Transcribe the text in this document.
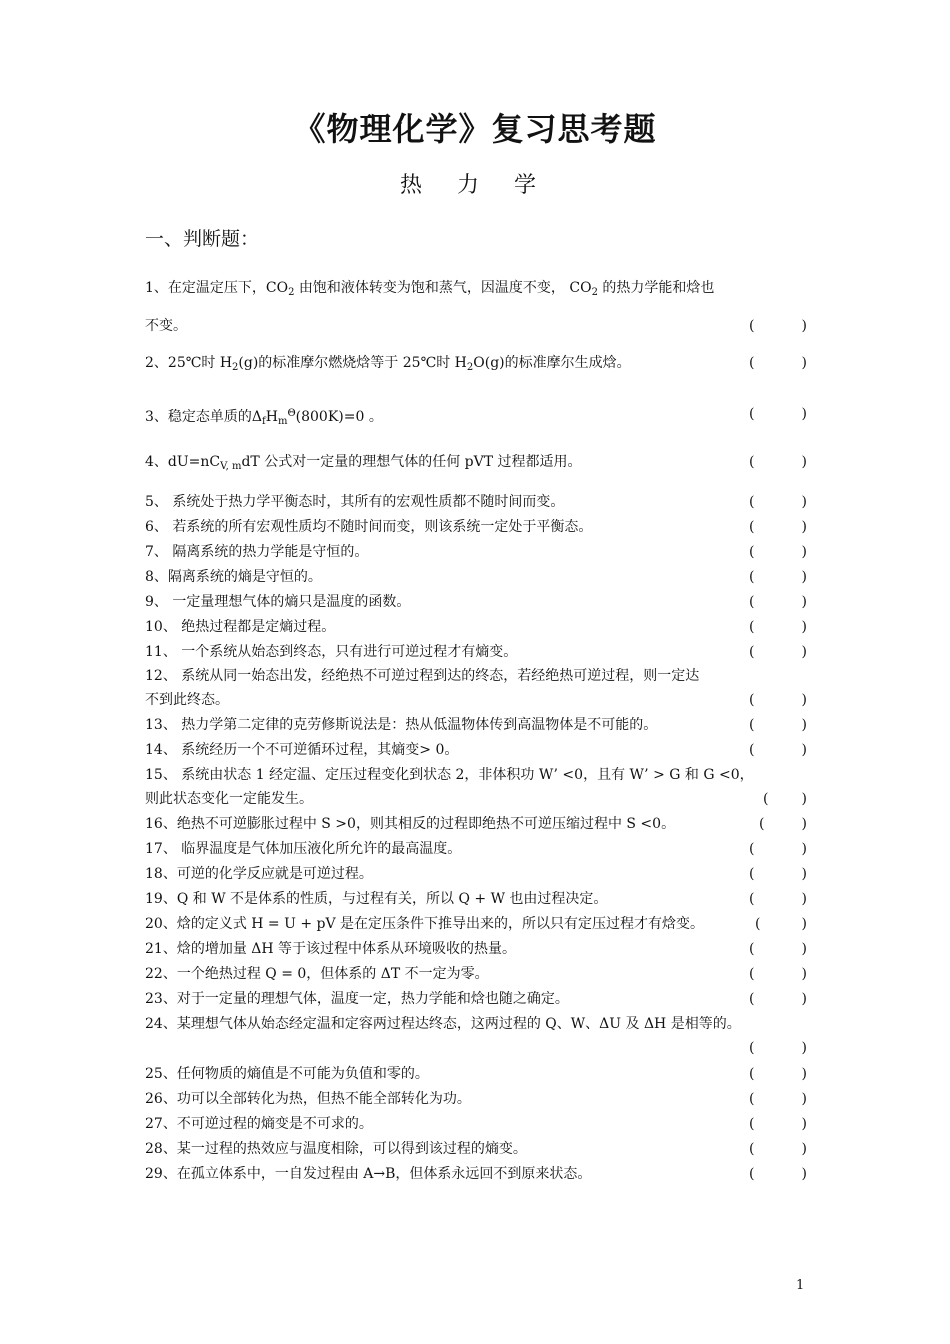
《物理化学》复习思考题
热 力 学
一、判断题：
1、在定温定压下，$CO_2$ 由饱和液体转变为饱和蒸气，因温度不变， $CO_2$ 的热力学能和焓也
不变。	(	)
2、25℃时 $H_2(g)$的标准摩尔燃烧焓等于 25℃时 $H_2O(g)$的标准摩尔生成焓。	(	)
3、稳定态单质的$\Delta_fH_m^\Theta(800K)=0$ 。	(	)
4、$dU=nC_{V, m}dT$ 公式对一定量的理想气体的任何 pVT 过程都适用。	(	)
5、 系统处于热力学平衡态时，其所有的宏观性质都不随时间而变。	(	)
6、 若系统的所有宏观性质均不随时间而变，则该系统一定处于平衡态。	(	)
7、 隔离系统的热力学能是守恒的。	(	)
8、隔离系统的熵是守恒的。	(	)
9、 一定量理想气体的熵只是温度的函数。	(	)
10、 绝热过程都是定熵过程。	(	)
11、 一个系统从始态到终态，只有进行可逆过程才有熵变。	(	)
12、 系统从同一始态出发，经绝热不可逆过程到达的终态，若经绝热可逆过程，则一定达
不到此终态。	(	)
13、 热力学第二定律的克劳修斯说法是：热从低温物体传到高温物体是不可能的。	(	)
14、 系统经历一个不可逆循环过程，其熵变> 0。	(	)
15、 系统由状态 1 经定温、定压过程变化到状态 2，非体积功 W’ <0，且有 W’ > G 和 G <0，
则此状态变化一定能发生。	( )
16、绝热不可逆膨胀过程中 S >0，则其相反的过程即绝热不可逆压缩过程中 S <0。	(	)
17、 临界温度是气体加压液化所允许的最高温度。	(	)
18、可逆的化学反应就是可逆过程。	(	)
19、Q 和 W 不是体系的性质，与过程有关，所以 Q + W 也由过程决定。	(	)
20、焓的定义式 H = U + pV 是在定压条件下推导出来的，所以只有定压过程才有焓变。	(	)
21、焓的增加量 ΔH 等于该过程中体系从环境吸收的热量。	(	)
22、一个绝热过程 Q = 0，但体系的 ΔT 不一定为零。	(	)
23、对于一定量的理想气体，温度一定，热力学能和焓也随之确定。	(	)
24、某理想气体从始态经定温和定容两过程达终态，这两过程的 Q、W、ΔU 及 ΔH 是相等的。
(	)
25、任何物质的熵值是不可能为负值和零的。	(	)
26、功可以全部转化为热，但热不能全部转化为功。	(	)
27、不可逆过程的熵变是不可求的。	(	)
28、某一过程的热效应与温度相除，可以得到该过程的熵变。	(	)
29、在孤立体系中，一自发过程由 A→B，但体系永远回不到原来状态。	(	)
1
